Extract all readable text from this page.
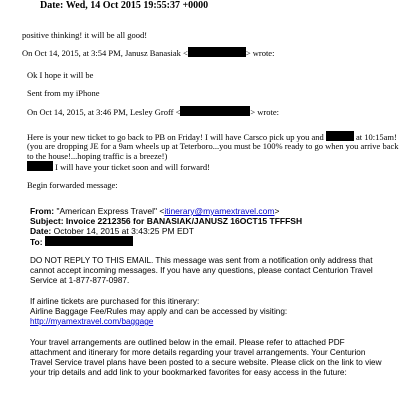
Date: Wed, 14 Oct 2015 19:55:37 +0000
positive thinking! it will be all good!
On Oct 14, 2015, at 3:54 PM, Janusz Banasiak <	> wrote:
Ok I hope it will be
Sent from my iPhone
On Oct 14, 2015, at 3:46 PM, Lesley Groff <	> wrote:
Here is your new ticket to go back to PB on Friday! I will have Carsco pick up you and	at 10:15am!
(you are dropping JE for a 9am wheels up at Teterboro...you must be 100% ready to go when you arrive back
to the house!...hoping traffic is a breeze!)
I will have your ticket soon and will forward!
Begin forwarded message:
From: "American Express Travel" <itinerary@myamextravel.com>
Subject: Invoice 2212356 for BANASIAK/JANUSZ 16OCT15 TFFFSH
Date: October 14, 2015 at 3:43:25 PM EDT
To:
DO NOT REPLY TO THIS EMAIL. This message was sent from a notification only address that
cannot accept incoming messages. If you have any questions, please contact Centurion Travel
Service at 1-877-877-0987.
If airline tickets are purchased for this itinerary:
Airline Baggage Fee/Rules may apply and can be accessed by visiting:
http://myamextravel.com/baggage
Your travel arrangements are outlined below in the email. Please refer to attached PDF
attachment and itinerary for more details regarding your travel arrangements. Your Centurion
Travel Service travel plans have been posted to a secure website. Please click on the link to view
your trip details and add link to your bookmarked favorites for easy access in the future:
